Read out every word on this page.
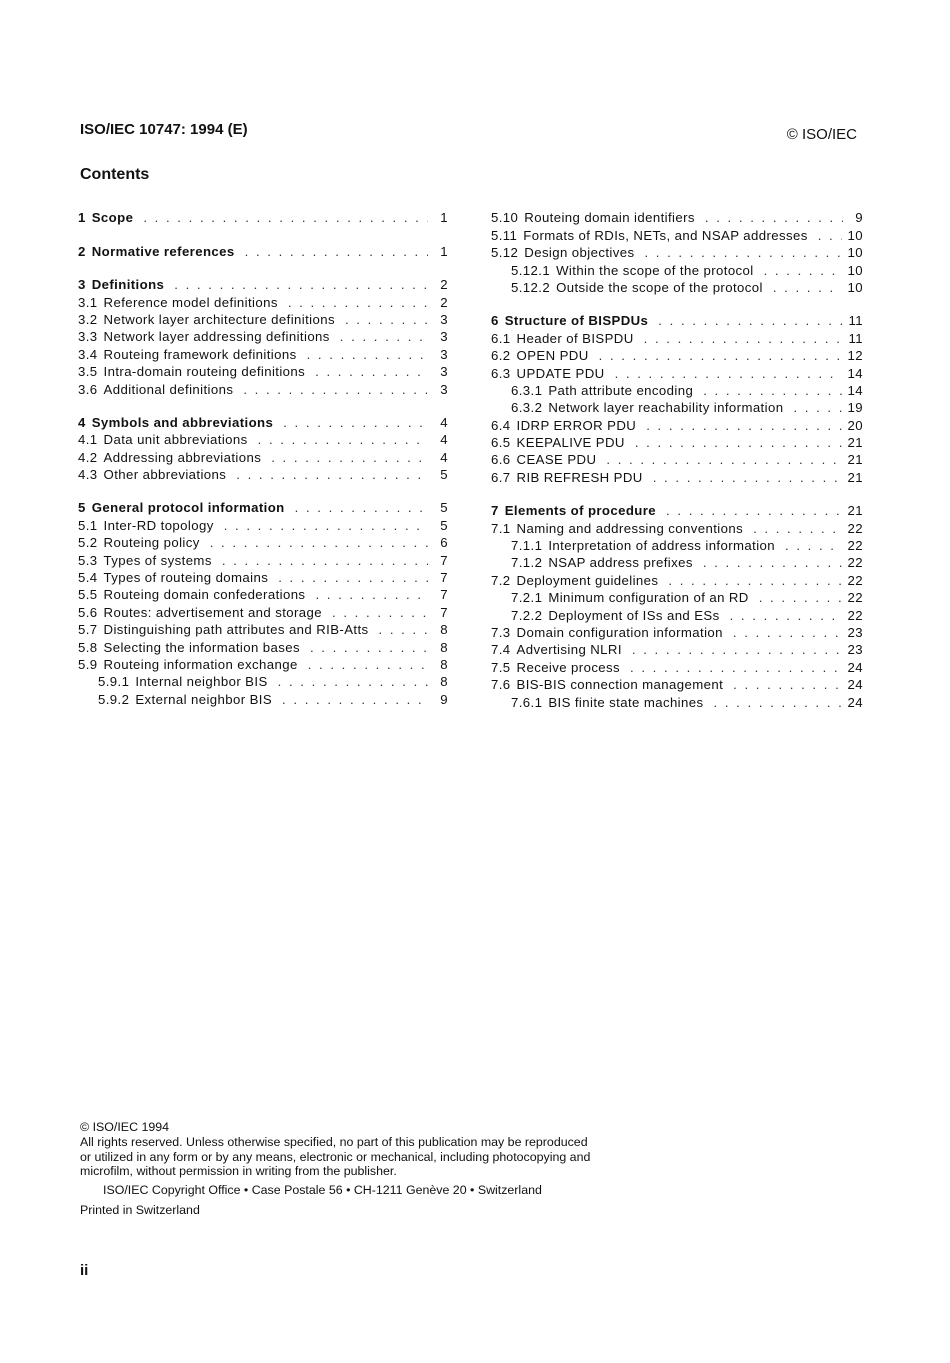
ISO/IEC 10747: 1994 (E)	© ISO/IEC
Contents
1 Scope . . .	1
2 Normative references . . .	1
3 Definitions . . .	2
3.1 Reference model definitions . . .	2
3.2 Network layer architecture definitions . . .	3
3.3 Network layer addressing definitions . . .	3
3.4 Routeing framework definitions . . .	3
3.5 Intra-domain routeing definitions . . .	3
3.6 Additional definitions . . .	3
4 Symbols and abbreviations . . .	4
4.1 Data unit abbreviations . . .	4
4.2 Addressing abbreviations . . .	4
4.3 Other abbreviations . . .	5
5 General protocol information . . .	5
5.1 Inter-RD topology . . .	5
5.2 Routeing policy . . .	6
5.3 Types of systems . . .	7
5.4 Types of routeing domains . . .	7
5.5 Routeing domain confederations . . .	7
5.6 Routes: advertisement and storage . . .	7
5.7 Distinguishing path attributes and RIB-Atts . . .	8
5.8 Selecting the information bases . . .	8
5.9 Routeing information exchange . . .	8
5.9.1 Internal neighbor BIS . . .	8
5.9.2 External neighbor BIS . . .	9
5.10 Routeing domain identifiers . . .	9
5.11 Formats of RDIs, NETs, and NSAP addresses . . .	10
5.12 Design objectives . . .	10
5.12.1 Within the scope of the protocol . . .	10
5.12.2 Outside the scope of the protocol . . .	10
6 Structure of BISPDUs . . .	11
6.1 Header of BISPDU . . .	11
6.2 OPEN PDU . . .	12
6.3 UPDATE PDU . . .	14
6.3.1 Path attribute encoding . . .	14
6.3.2 Network layer reachability information . . .	19
6.4 IDRP ERROR PDU . . .	20
6.5 KEEPALIVE PDU . . .	21
6.6 CEASE PDU . . .	21
6.7 RIB REFRESH PDU . . .	21
7 Elements of procedure . . .	21
7.1 Naming and addressing conventions . . .	22
7.1.1 Interpretation of address information . . .	22
7.1.2 NSAP address prefixes . . .	22
7.2 Deployment guidelines . . .	22
7.2.1 Minimum configuration of an RD . . .	22
7.2.2 Deployment of ISs and ESs . . .	22
7.3 Domain configuration information . . .	23
7.4 Advertising NLRI . . .	23
7.5 Receive process . . .	24
7.6 BIS-BIS connection management . . .	24
7.6.1 BIS finite state machines . . .	24
© ISO/IEC 1994
All rights reserved. Unless otherwise specified, no part of this publication may be reproduced
or utilized in any form or by any means, electronic or mechanical, including photocopying and
microfilm, without permission in writing from the publisher.
ISO/IEC Copyright Office • Case Postale 56 • CH-1211 Genève 20 • Switzerland
Printed in Switzerland
ii
